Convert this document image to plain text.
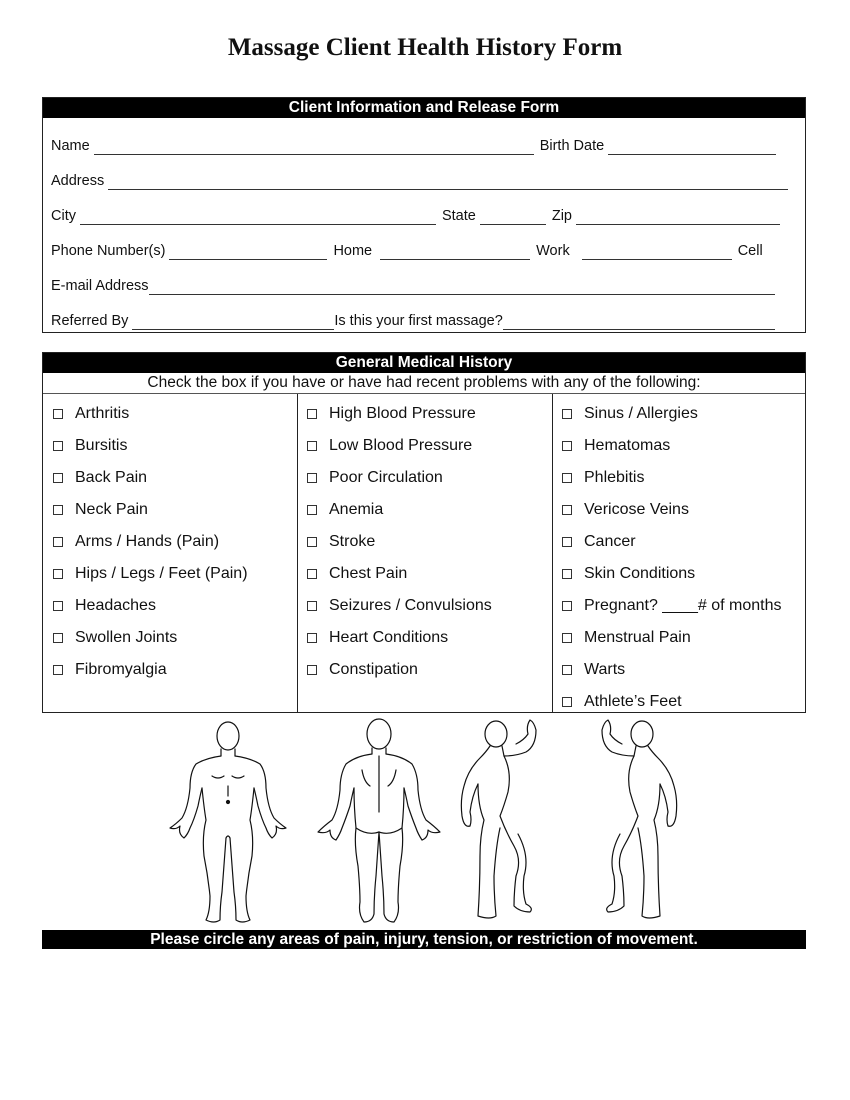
Massage Client Health History Form
Client Information and Release Form
Name	Birth Date
Address
City	State	Zip
Phone Number(s)	Home	Work	Cell
E-mail Address
Referred By	Is this your first massage?
General Medical History
Check the box if you have or have had recent problems with any of the following:
Arthritis
Bursitis
Back Pain
Neck Pain
Arms / Hands (Pain)
Hips / Legs / Feet (Pain)
Headaches
Swollen Joints
Fibromyalgia
High Blood Pressure
Low Blood Pressure
Poor Circulation
Anemia
Stroke
Chest Pain
Seizures / Convulsions
Heart Conditions
Constipation
Sinus / Allergies
Hematomas
Phlebitis
Vericose Veins
Cancer
Skin Conditions
Pregnant? ____# of months
Menstrual Pain
Warts
Athlete’s Feet
Please circle any areas of pain, injury, tension, or restriction of movement.
